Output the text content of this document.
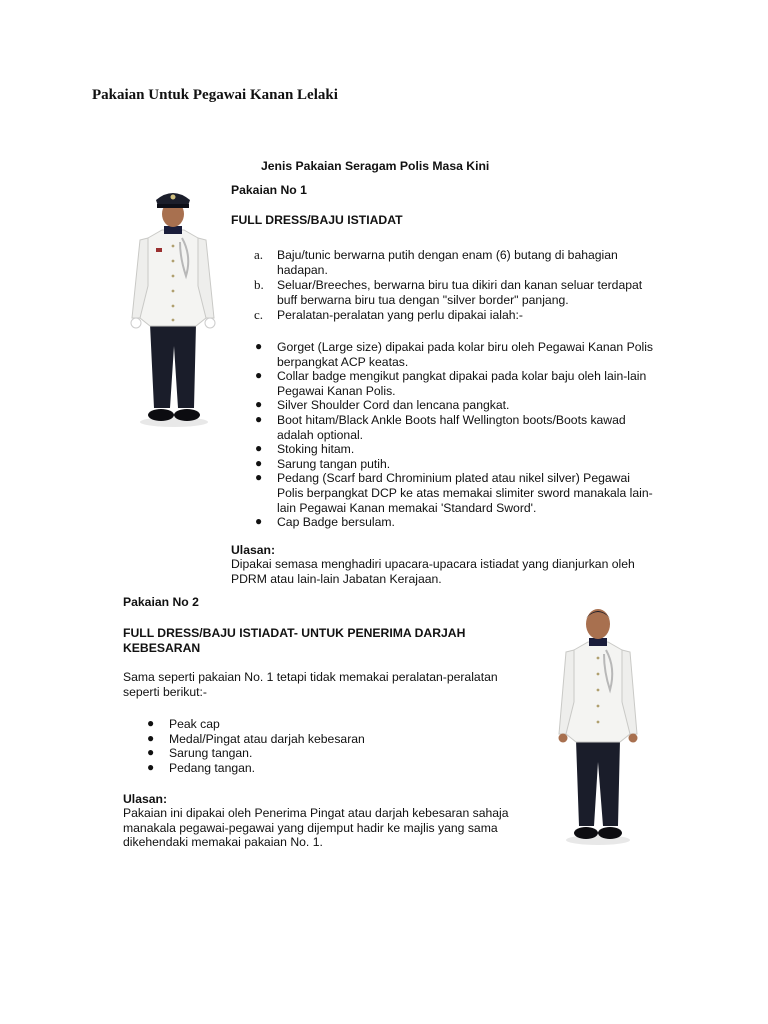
Pakaian Untuk Pegawai Kanan Lelaki
Jenis Pakaian Seragam Polis Masa Kini
Pakaian No 1
FULL DRESS/BAJU ISTIADAT
a. Baju/tunic berwarna putih dengan enam (6) butang di bahagian hadapan.
b. Seluar/Breeches, berwarna biru tua dikiri dan kanan seluar terdapat buff berwarna biru tua dengan "silver border" panjang.
c. Peralatan-peralatan yang perlu dipakai ialah:-
● Gorget (Large size) dipakai pada kolar biru oleh Pegawai Kanan Polis berpangkat ACP keatas.
● Collar badge mengikut pangkat dipakai pada kolar baju oleh lain-lain Pegawai Kanan Polis.
● Silver Shoulder Cord dan lencana pangkat.
● Boot hitam/Black Ankle Boots half Wellington boots/Boots kawad adalah optional.
● Stoking hitam.
● Sarung tangan putih.
● Pedang (Scarf bard Chrominium plated atau nikel silver) Pegawai Polis berpangkat DCP ke atas memakai slimiter sword manakala lain-lain Pegawai Kanan memakai 'Standard Sword'.
● Cap Badge bersulam.
Ulasan:
Dipakai semasa menghadiri upacara-upacara istiadat yang dianjurkan oleh PDRM atau lain-lain Jabatan Kerajaan.
Pakaian No 2
FULL DRESS/BAJU ISTIADAT- UNTUK PENERIMA DARJAH KEBESARAN
Sama seperti pakaian No. 1 tetapi tidak memakai peralatan-peralatan seperti berikut:-
● Peak cap
● Medal/Pingat atau darjah kebesaran
● Sarung tangan.
● Pedang tangan.
Ulasan:
Pakaian ini dipakai oleh Penerima Pingat atau darjah kebesaran sahaja manakala pegawai-pegawai yang dijemput hadir ke majlis yang sama dikehendaki memakai pakaian No. 1.
